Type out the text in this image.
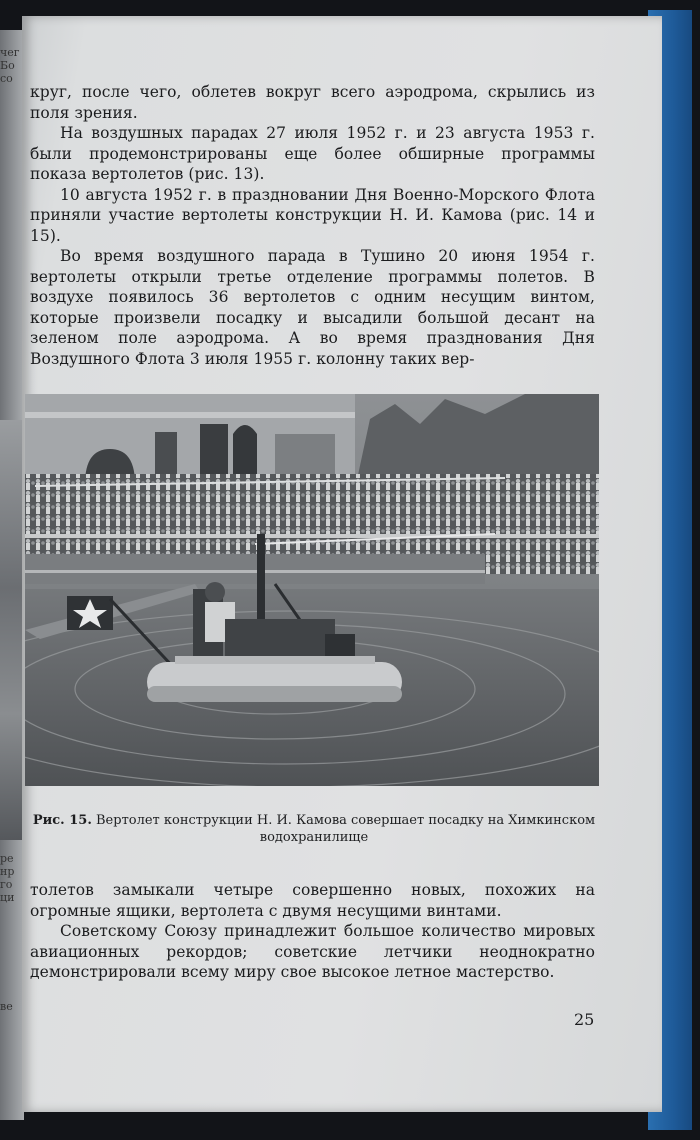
чег
Бо
со
ре
нр
го
ци
ве

круг, после чего, облетев вокруг всего аэродрома, скрылись из поля зрения.

На воздушных парадах 27 июля 1952 г. и 23 августа 1953 г. были продемонстрированы еще более обширные программы показа вертолетов (рис. 13).

10 августа 1952 г. в праздновании Дня Военно-Морского Флота приняли участие вертолеты конструкции Н. И. Камова (рис. 14 и 15).

Во время воздушного парада в Тушино 20 июня 1954 г. вертолеты открыли третье отделение программы полетов. В воздухе появилось 36 вертолетов с одним несущим винтом, которые произвели посадку и высадили большой десант на зеленом поле аэродрома. А во время празднования Дня Воздушного Флота 3 июля 1955 г. колонну таких вер-

Рис. 15. Вертолет конструкции Н. И. Камова совершает посадку на Химкинском водохранилище

толетов замыкали четыре совершенно новых, похожих на огромные ящики, вертолета с двумя несущими винтами.

Советскому Союзу принадлежит большое количество мировых авиационных рекордов; советские летчики неоднократно демонстрировали всему миру свое высокое летное мастерство.

25
